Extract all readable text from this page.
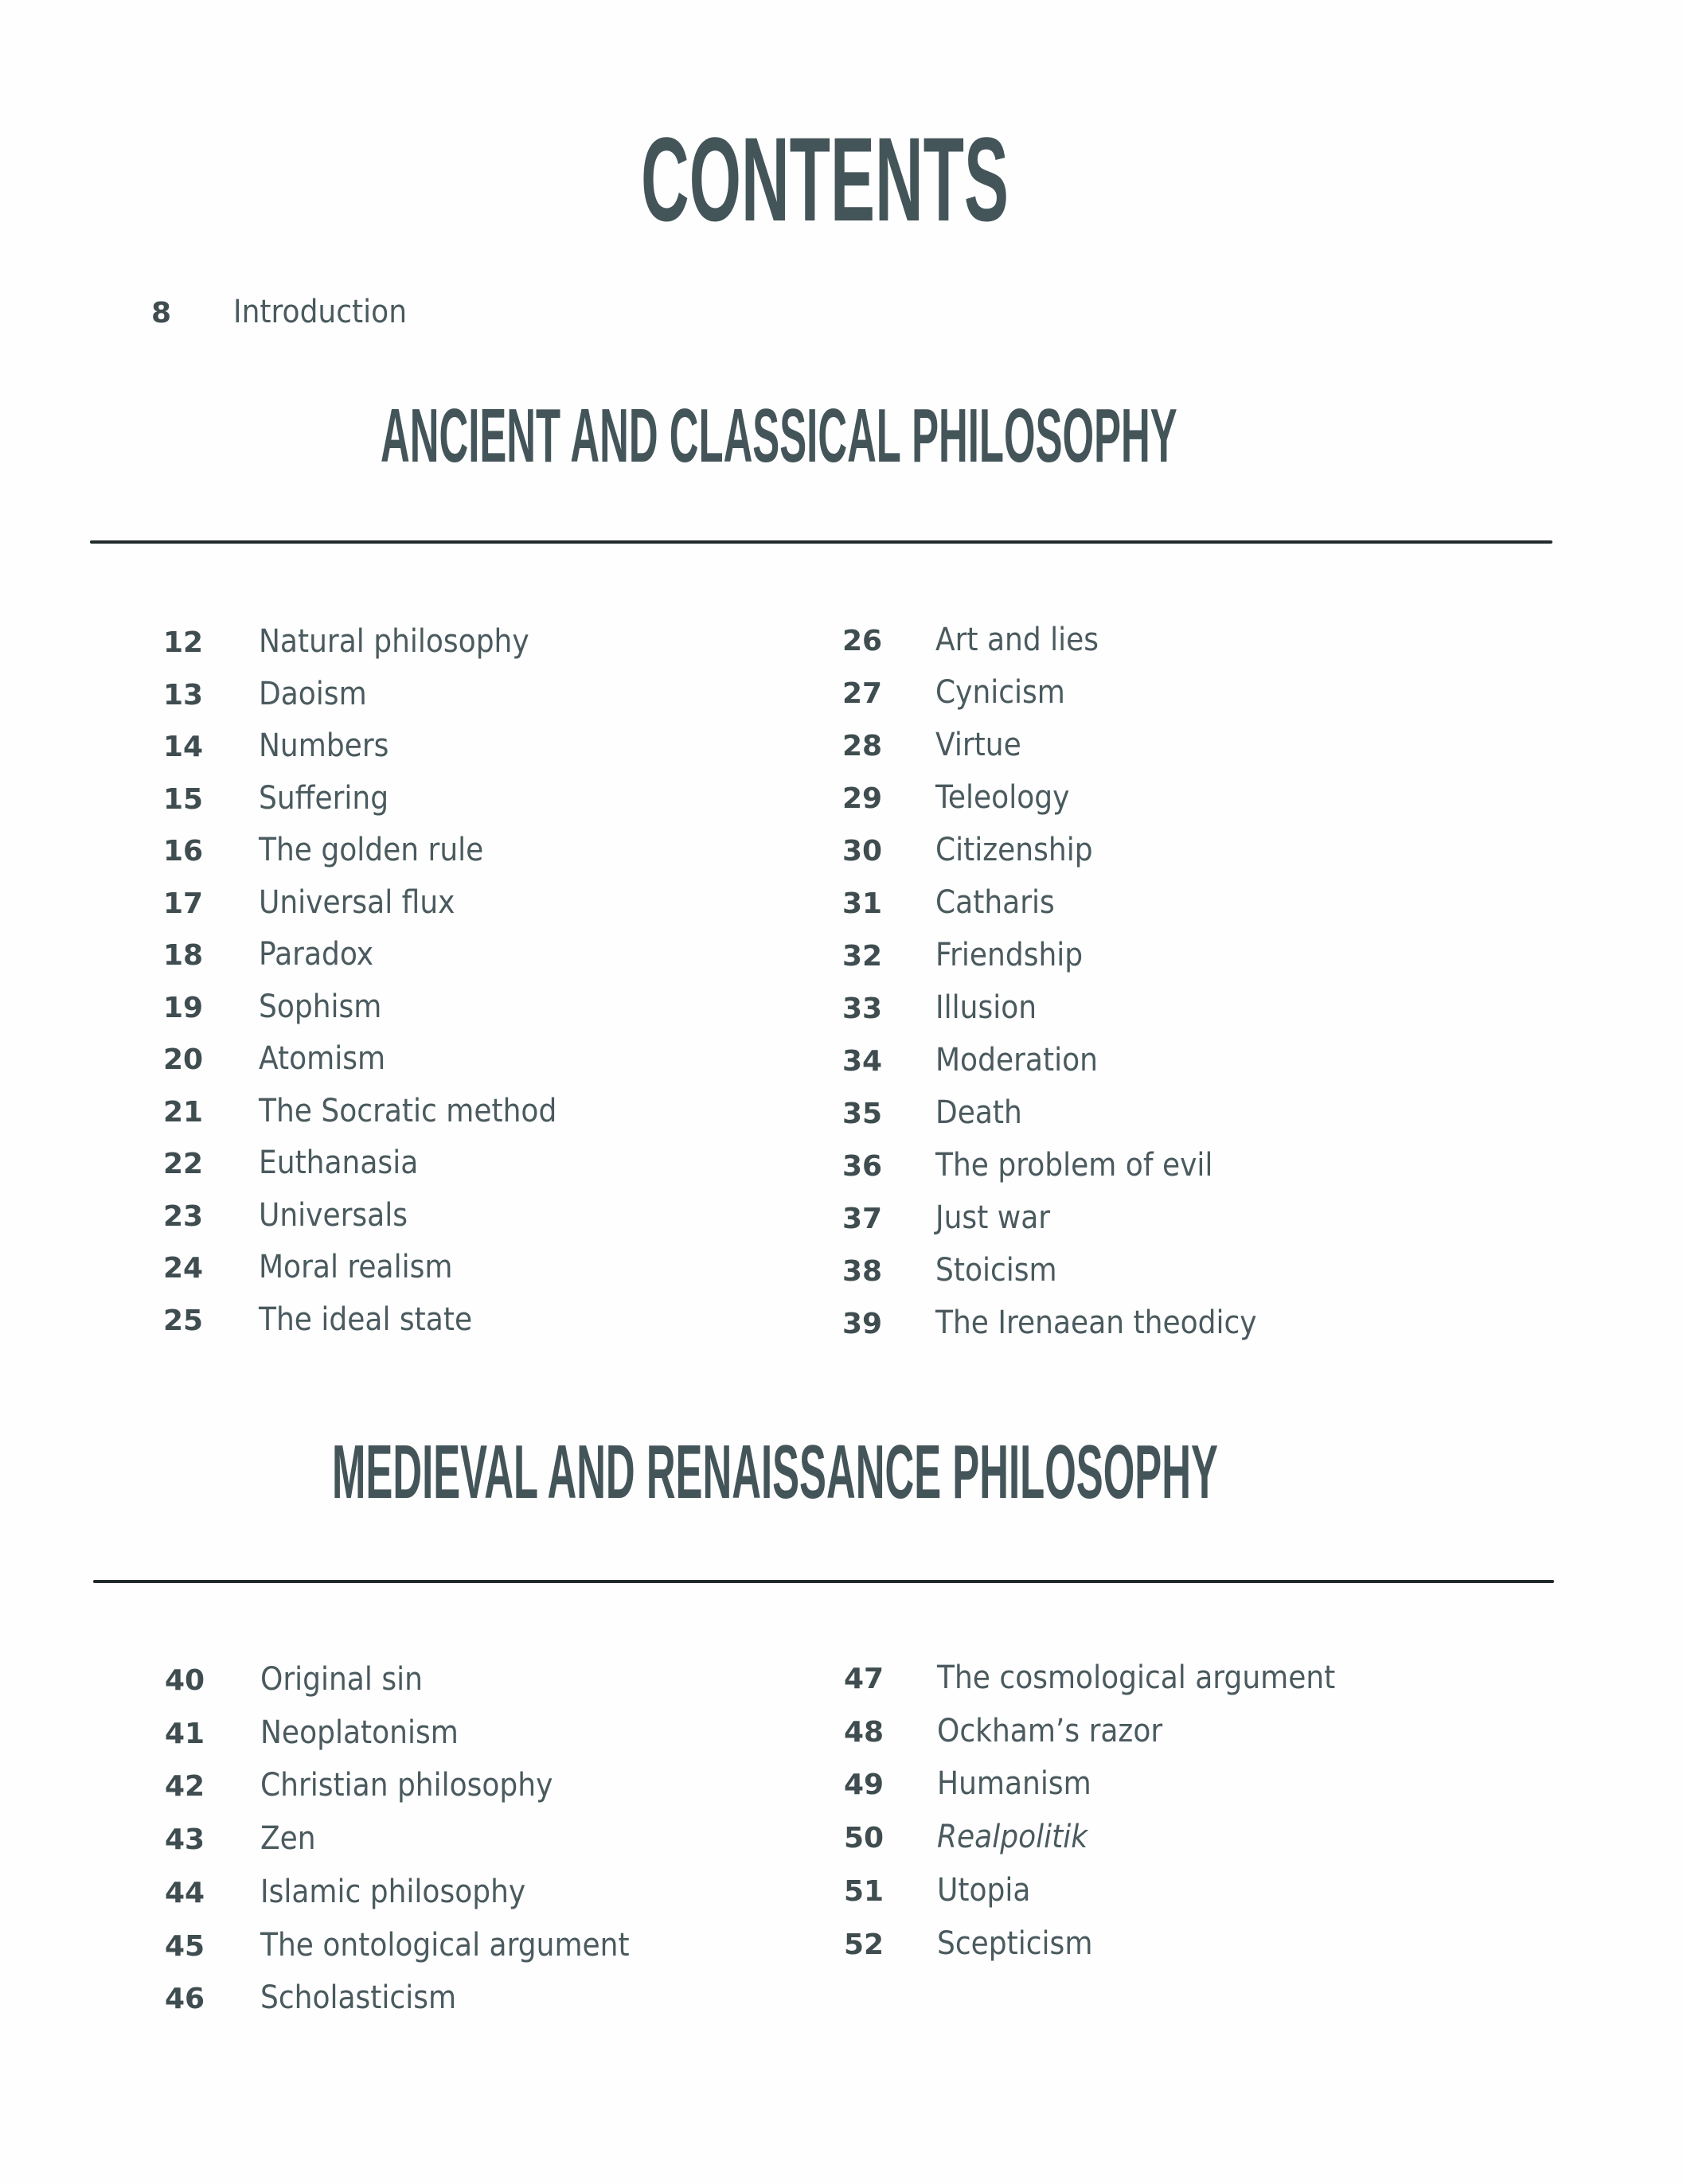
CONTENTS
8 Introduction
ANCIENT AND CLASSICAL PHILOSOPHY
12 Natural philosophy
13 Daoism
14 Numbers
15 Suffering
16 The golden rule
17 Universal flux
18 Paradox
19 Sophism
20 Atomism
21 The Socratic method
22 Euthanasia
23 Universals
24 Moral realism
25 The ideal state
26 Art and lies
27 Cynicism
28 Virtue
29 Teleology
30 Citizenship
31 Catharis
32 Friendship
33 Illusion
34 Moderation
35 Death
36 The problem of evil
37 Just war
38 Stoicism
39 The Irenaean theodicy
MEDIEVAL AND RENAISSANCE PHILOSOPHY
40 Original sin
41 Neoplatonism
42 Christian philosophy
43 Zen
44 Islamic philosophy
45 The ontological argument
46 Scholasticism
47 The cosmological argument
48 Ockham’s razor
49 Humanism
50 Realpolitik
51 Utopia
52 Scepticism
